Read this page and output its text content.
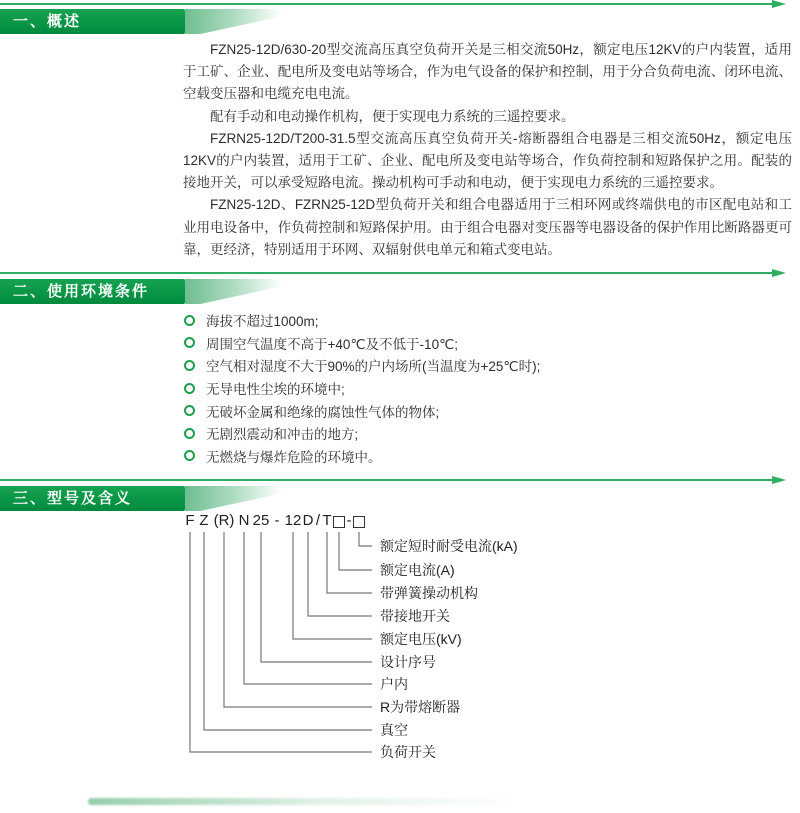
一、概述

FZN25-12D/630-20型交流高压真空负荷开关是三相交流50Hz，额定电压12KV的户内装置，适用于工矿、企业、配电所及变电站等场合，作为电气设备的保护和控制，用于分合负荷电流、闭环电流、空载变压器和电缆充电电流。

配有手动和电动操作机构，便于实现电力系统的三遥控要求。

FZRN25-12D/T200-31.5型交流高压真空负荷开关-熔断器组合电器是三相交流50Hz，额定电压12KV的户内装置，适用于工矿、企业、配电所及变电站等场合，作负荷控制和短路保护之用。配装的接地开关，可以承受短路电流。操动机构可手动和电动，便于实现电力系统的三遥控要求。

FZN25-12D、FZRN25-12D型负荷开关和组合电器适用于三相环网或终端供电的市区配电站和工业用电设备中，作负荷控制和短路保护用。由于组合电器对变压器等电器设备的保护作用比断路器更可靠，更经济，特别适用于环网、双辐射供电单元和箱式变电站。

二、使用环境条件
海拔不超过1000m;
周围空气温度不高于+40℃及不低于-10℃;
空气相对湿度不大于90%的户内场所(当温度为+25℃时);
无导电性尘埃的环境中;
无破坏金属和绝缘的腐蚀性气体的物体;
无剧烈震动和冲击的地方;
无燃烧与爆炸危险的环境中。
三、型号及含义
F Z (R) N 25 - 12 D / T -
额定短时耐受电流(kA)
额定电流(A)
带弹簧操动机构
带接地开关
额定电压(kV)
设计序号
户内
R为带熔断器
真空
负荷开关
